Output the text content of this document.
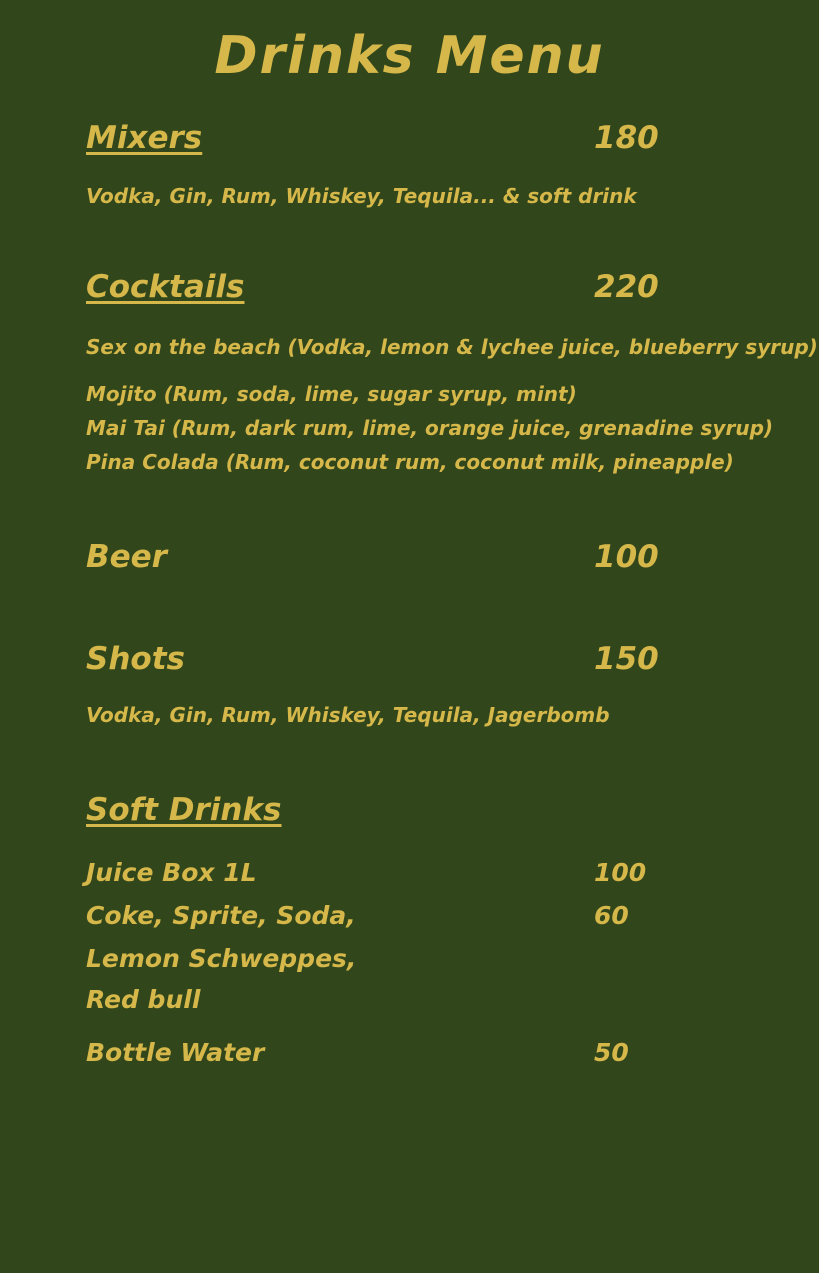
Drinks Menu
Mixers	180
Vodka, Gin, Rum, Whiskey, Tequila... & soft drink
Cocktails	220
Sex on the beach (Vodka, lemon & lychee juice, blueberry syrup)
Mojito (Rum, soda, lime, sugar syrup, mint)
Mai Tai (Rum, dark rum, lime, orange juice, grenadine syrup)
Pina Colada (Rum, coconut rum, coconut milk, pineapple)
Beer	100
Shots	150
Vodka, Gin, Rum, Whiskey, Tequila, Jagerbomb
Soft Drinks
Juice Box 1L	100
Coke, Sprite, Soda,	60
Lemon Schweppes,
Red bull
Bottle Water	50
